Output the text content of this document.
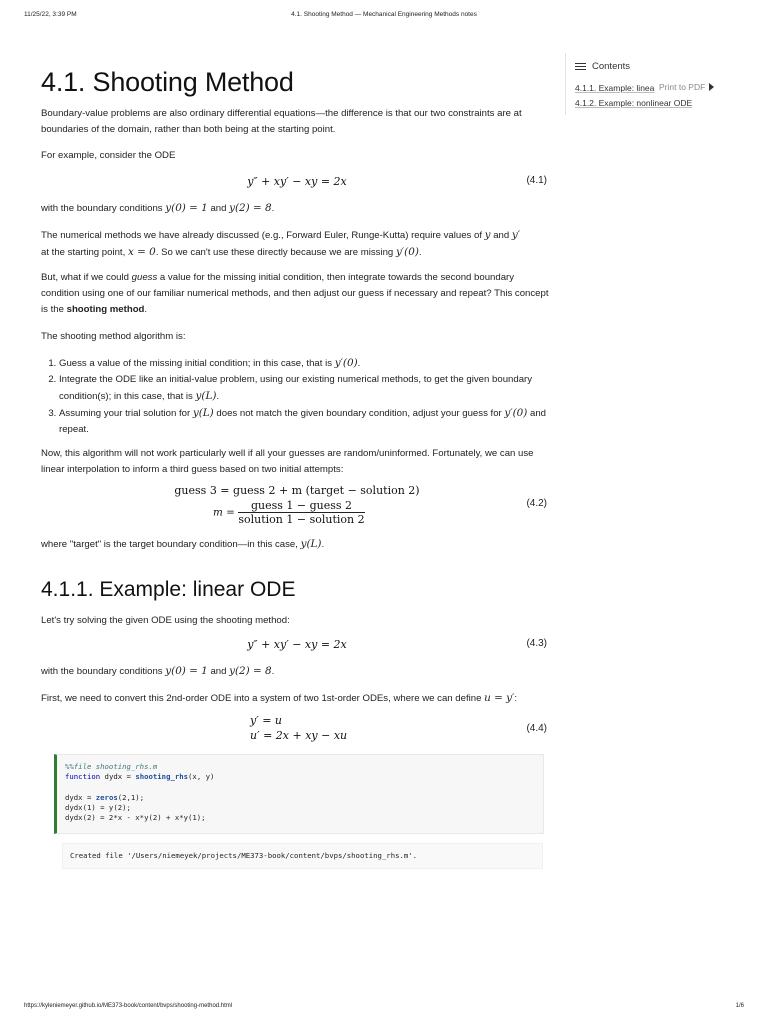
11/25/22, 3:39 PM	4.1. Shooting Method — Mechanical Engineering Methods notes
https://kyleniemeyer.github.io/ME373-book/content/bvps/shooting-method.html	1/6
Contents
4.1.1. Example: linea Print to PDF
4.1.2. Example: nonlinear ODE
4.1. Shooting Method
Boundary-value problems are also ordinary differential equations—the difference is that our two constraints are at boundaries of the domain, rather than both being at the starting point.
For example, consider the ODE
y″ + xy′ − xy = 2x	(4.1)
with the boundary conditions y(0) = 1 and y(2) = 8.
The numerical methods we have already discussed (e.g., Forward Euler, Runge-Kutta) require values of y and y′
at the starting point, x = 0. So we can't use these directly because we are missing y′(0).
But, what if we could guess a value for the missing initial condition, then integrate towards the second boundary condition using one of our familiar numerical methods, and then adjust our guess if necessary and repeat? This concept is the shooting method.
The shooting method algorithm is:
1. Guess a value of the missing initial condition; in this case, that is y′(0).
2. Integrate the ODE like an initial-value problem, using our existing numerical methods, to get the given boundary condition(s); in this case, that is y(L).
3. Assuming your trial solution for y(L) does not match the given boundary condition, adjust your guess for y′(0) and repeat.
Now, this algorithm will not work particularly well if all your guesses are random/uninformed. Fortunately, we can use linear interpolation to inform a third guess based on two initial attempts:
guess 3 = guess 2 + m (target − solution 2)
$m = \frac{\text{guess 1 − guess 2}}{\text{solution 1 − solution 2}}$	(4.2)
where "target" is the target boundary condition—in this case, y(L).
4.1.1. Example: linear ODE
Let's try solving the given ODE using the shooting method:
y″ + xy′ − xy = 2x	(4.3)
with the boundary conditions y(0) = 1 and y(2) = 8.
First, we need to convert this 2nd-order ODE into a system of two 1st-order ODEs, where we can define u = y′:
y′ = u
u′ = 2x + xy − xu
(4.4)
%%file shooting_rhs.m
function dydx = shooting_rhs(x, y)

dydx = zeros(2,1);
dydx(1) = y(2);
dydx(2) = 2*x - x*y(2) + x*y(1);
Created file '/Users/niemeyek/projects/ME373-book/content/bvps/shooting_rhs.m'.
